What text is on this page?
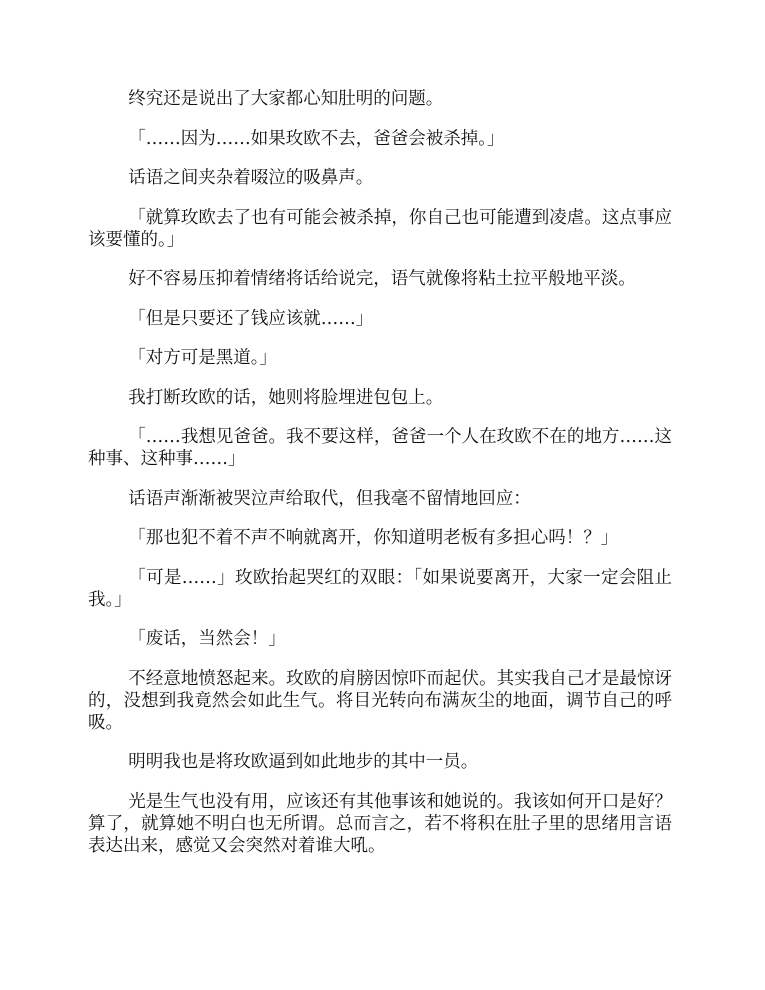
终究还是说出了大家都心知肚明的问题。

「……因为……如果玫欧不去，爸爸会被杀掉。」

话语之间夹杂着啜泣的吸鼻声。

「就算玫欧去了也有可能会被杀掉，你自己也可能遭到凌虐。这点事应该要懂的。」

好不容易压抑着情绪将话给说完，语气就像将粘土拉平般地平淡。

「但是只要还了钱应该就……」

「对方可是黑道。」

我打断玫欧的话，她则将脸埋进包包上。

「……我想见爸爸。我不要这样，爸爸一个人在玫欧不在的地方……这种事、这种事……」

话语声渐渐被哭泣声给取代，但我毫不留情地回应：

「那也犯不着不声不响就离开，你知道明老板有多担心吗！？」

「可是……」玫欧抬起哭红的双眼：「如果说要离开，大家一定会阻止我。」

「废话，当然会！」

不经意地愤怒起来。玫欧的肩膀因惊吓而起伏。其实我自己才是最惊讶的，没想到我竟然会如此生气。将目光转向布满灰尘的地面，调节自己的呼吸。

明明我也是将玫欧逼到如此地步的其中一员。

光是生气也没有用，应该还有其他事该和她说的。我该如何开口是好？算了，就算她不明白也无所谓。总而言之，若不将积在肚子里的思绪用言语表达出来，感觉又会突然对着谁大吼。
